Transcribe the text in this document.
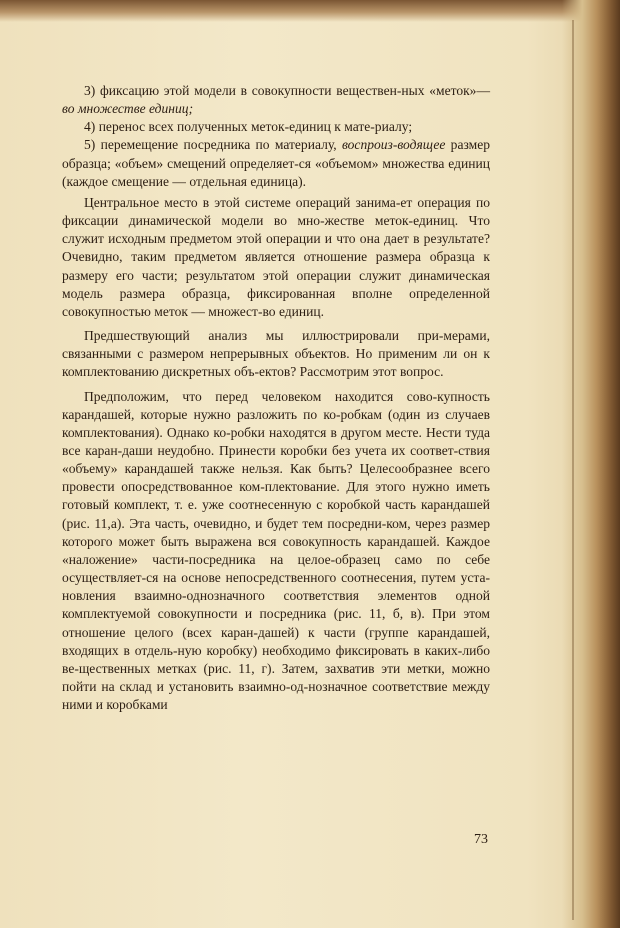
3) фиксацию этой модели в совокупности веществен-ных «меток»—во множестве единиц;

4) перенос всех полученных меток-единиц к мате-риалу;

5) перемещение посредника по материалу, воспроиз-водящее размер образца; «объем» смещений определяет-ся «объемом» множества единиц (каждое смещение — отдельная единица).

Центральное место в этой системе операций занима-ет операция по фиксации динамической модели во мно-жестве меток-единиц. Что служит исходным предметом этой операции и что она дает в результате? Очевидно, таким предметом является отношение размера образца к размеру его части; результатом этой операции служит динамическая модель размера образца, фиксированная вполне определенной совокупностью меток — множест-во единиц.

Предшествующий анализ мы иллюстрировали при-мерами, связанными с размером непрерывных объектов. Но применим ли он к комплектованию дискретных объ-ектов? Рассмотрим этот вопрос.

Предположим, что перед человеком находится сово-купность карандашей, которые нужно разложить по ко-робкам (один из случаев комплектования). Однако ко-робки находятся в другом месте. Нести туда все каран-даши неудобно. Принести коробки без учета их соответ-ствия «объему» карандашей также нельзя. Как быть? Целесообразнее всего провести опосредствованное ком-плектование. Для этого нужно иметь готовый комплект, т. е. уже соотнесенную с коробкой часть карандашей (рис. 11,а). Эта часть, очевидно, и будет тем посредни-ком, через размер которого может быть выражена вся совокупность карандашей. Каждое «наложение» части-посредника на целое-образец само по себе осуществляет-ся на основе непосредственного соотнесения, путем уста-новления взаимно-однозначного соответствия элементов одной комплектуемой совокупности и посредника (рис. 11, б, в). При этом отношение целого (всех каран-дашей) к части (группе карандашей, входящих в отдель-ную коробку) необходимо фиксировать в каких-либо ве-щественных метках (рис. 11, г). Затем, захватив эти метки, можно пойти на склад и установить взаимно-од-нозначное соответствие между ними и коробками

73
